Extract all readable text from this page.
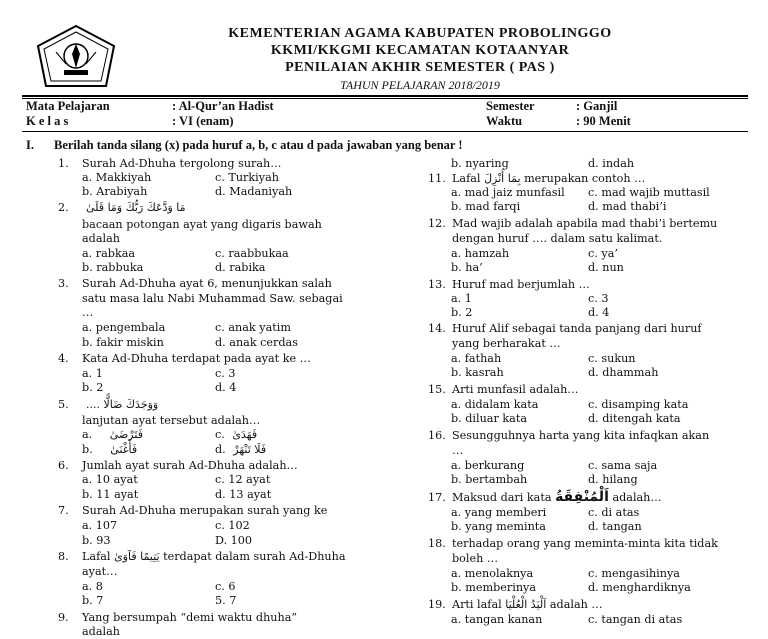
KEMENTERIAN AGAMA KABUPATEN PROBOLINGGO
KKMI/KKGMI KECAMATAN KOTAANYAR
PENILAIAN AKHIR SEMESTER ( PAS )
TAHUN PELAJARAN 2018/2019
Mata Pelajaran	: Al-Qur’an Hadist
K e l a s	: VI (enam)
Semester	: Ganjil
Waktu	: 90 Menit
I. Berilah tanda silang (x) pada huruf a, b, c atau d pada jawaban yang benar !
1. Surah Ad-Dhuha tergolong surah…
a. Makkiyah	c. Turkiyah
b. Arabiyah	d. Madaniyah
2. مَا وَدَّعَكَ رَبُّكَ وَمَا قَلَىٰ
bacaan potongan ayat yang digaris bawah
adalah
a. rabkaa	c. raabbukaa
b. rabbuka	d. rabika
3. Surah Ad-Dhuha ayat 6, menunjukkan salah
satu masa lalu Nabi Muhammad Saw. sebagai
…
a. pengembala	c. anak yatim
b. fakir miskin	d. anak cerdas
4. Kata Ad-Dhuha terdapat pada ayat ke …
a. 1	c. 3
b. 2	d. 4
5. وَوَجَدَكَ ضَالًّا ....
lanjutan ayat tersebut adalah…
a. فَتَرْضَىٰ	c. فَهَدَىٰ
b. فَأَغْنَىٰ	d. فَلَا تَنْهَرْ
6. Jumlah ayat surah Ad-Dhuha adalah…
a. 10 ayat	c. 12 ayat
b. 11 ayat	d. 13 ayat
7. Surah Ad-Dhuha merupakan surah yang ke
a. 107	c. 102
b. 93	D. 100
8. Lafal يَتِيمًا فَآوَىٰ terdapat dalam surah Ad-Dhuha
ayat…
a. 8	c. 6
b. 7	5. 7
9. Yang bersumpah “demi waktu dhuha”
adalah
b. nyaring	d. indah
11. Lafal بِمَا أَنْزِلَ merupakan contoh …
a. mad jaiz munfasil c. mad wajib muttasil
b. mad farqi	d. mad thabi’i
12. Mad wajib adalah apabila mad thabi’i bertemu
dengan huruf …. dalam satu kalimat.
a. hamzah	c. ya’
b. ha’	d. nun
13. Huruf mad berjumlah …
a. 1	c. 3
b. 2	d. 4
14. Huruf Alif sebagai tanda panjang dari huruf
yang berharakat …
a. fathah	c. sukun
b. kasrah	d. dhammah
15. Arti munfasil adalah…
a. didalam kata	c. disamping kata
b. diluar kata	d. ditengah kata
16. Sesungguhnya harta yang kita infaqkan akan
…
a. berkurang	c. sama saja
b. bertambah	d. hilang
17. Maksud dari kata اَلْمُنْفِقَةُ adalah…
a. yang memberi	c. di atas
b. yang meminta	d. tangan
18. terhadap orang yang meminta-minta kita tidak
boleh …
a. menolaknya	c. mengasihinya
b. memberinya	d. menghardiknya
19. Arti lafal اَلْيَدُ الْعُلْيَا adalah …
a. tangan kanan	c. tangan di atas
